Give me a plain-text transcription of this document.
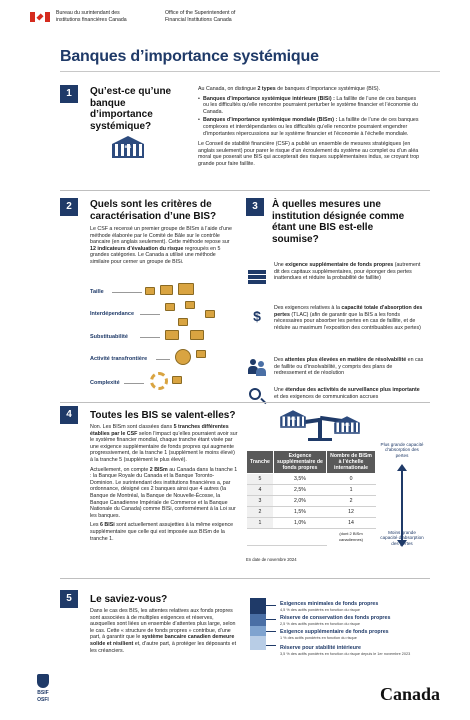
Bureau du surintendant des
institutions financières Canada
Office of the Superintendent of
Financial Institutions Canada
Banques d’importance systémique
1	Qu’est-ce qu’une banque d’importance systémique?
BIS

Au Canada, on distingue 2 types de banques d’importance systémique (BIS).

• Banques d’importance systémique intérieure (BISi) : La faillite de l’une de ces banques ou les difficultés qu’elle rencontre pourraient perturber le système financier et l’économie du Canada.
• Banques d’importance systémique mondiale (BISm) : La faillite de l’une de ces banques complexes et interdépendantes ou les difficultés qu’elle rencontre pourraient engendrer d’importantes répercussions sur le système financier et l’économie à l’échelle mondiale.

Le Conseil de stabilité financière (CSF) a publié un ensemble de mesures stratégiques (en anglais seulement) pour parer le risque d’un écroulement du système au complet ou d’un aléa moral que poserait une BIS qui accepterait des risques supplémentaires indus, se croyant trop grande pour faire faillite.

2	Quels sont les critères de caractérisation d’une BIS?

Le CSF a recensé un premier groupe de BISm à l’aide d’une méthode élaborée par le Comité de Bâle sur le contrôle bancaire (en anglais seulement). Cette méthode repose sur 12 indicateurs d’évaluation du risque regroupés en 5 grandes catégories. Le Canada a utilisé une méthode similaire pour cerner un groupe de BISi.

Taille
Interdépendance
Substituabilité
Activité transfrontière
Complexité
3	À quelles mesures une institution désignée comme étant une BIS est-elle soumise?
Une exigence supplémentaire de fonds propres (autrement dit des capitaux supplémentaires, pour éponger des pertes inattendues et réduire la probabilité de faillite)
$	Des exigences relatives à la capacité totale d’absorption des pertes (TLAC) (afin de garantir que la BIS a les fonds nécessaires pour absorber les pertes en cas de faillite, et de réduire au maximum l’exposition des contribuables aux pertes)
Des attentes plus élevées en matière de résolvabilité en cas de faillite ou d’insolvabilité, y compris des plans de redressement et de résolution
Une étendue des activités de surveillance plus importante et des exigences de communication accrues
4	Toutes les BIS se valent-elles?

Non. Les BISm sont classées dans 5 tranches différentes établies par le CSF selon l’impact qu’elles pourraient avoir sur le système financier mondial, chaque tranche étant visée par une exigence supplémentaire de fonds propres qui augmente progressivement, de la tranche 1 (supplément le moins élevé) à la tranche 5 (supplément le plus élevé).

Actuellement, on compte 2 BISm au Canada dans la tranche 1 : la Banque Royale du Canada et la Banque Toronto-Dominion. Le surintendant des institutions financières a, par ordonnance, désigné ces 2 banques ainsi que 4 autres (la Banque de Montréal, la Banque de Nouvelle-Écosse, la Banque Canadienne Impériale de Commerce et la Banque Nationale du Canada) comme BISi, conformément à la Loi sur les banques.

Les 6 BISi sont actuellement assujetties à la même exigence supplémentaire que celle qui est imposée aux BISm de la tranche 1.

BIS
BIS
Tranche	Exigence supplémentaire de fonds propres	Nombre de BISm à l’échelle internationale
5	3,5%	0
4	2,5%	1
3	2,0%	2
2	1,5%	12
1	1,0%	14
		(dont 2 BISm canadiennes)
En date de novembre 2024
Plus grande capacité d’absorption des pertes
Moins grande capacité d’absorption des pertes
5	Le saviez-vous?

Dans le cas des BIS, les attentes relatives aux fonds propres sont associées à de multiples exigences et réserves, auxquelles sont liées un ensemble d’attentes plus large, selon le cas. Cette « structure de fonds propres » contribue, d’une part, à garantir que le système bancaire canadien demeure solide et résilient et, d’autre part, à protéger les déposants et les créanciers.

Exigences minimales de fonds propres
4,5 % des actifs pondérés en fonction du risque
Réserve de conservation des fonds propres
2,5 % des actifs pondérés en fonction du risque
Exigence supplémentaire de fonds propres
1 % des actifs pondérés en fonction du risque
Réserve pour stabilité intérieure
3,5 % des actifs pondérés en fonction du risque depuis le 1er novembre 2023
BSIF
OSFI	Canada
